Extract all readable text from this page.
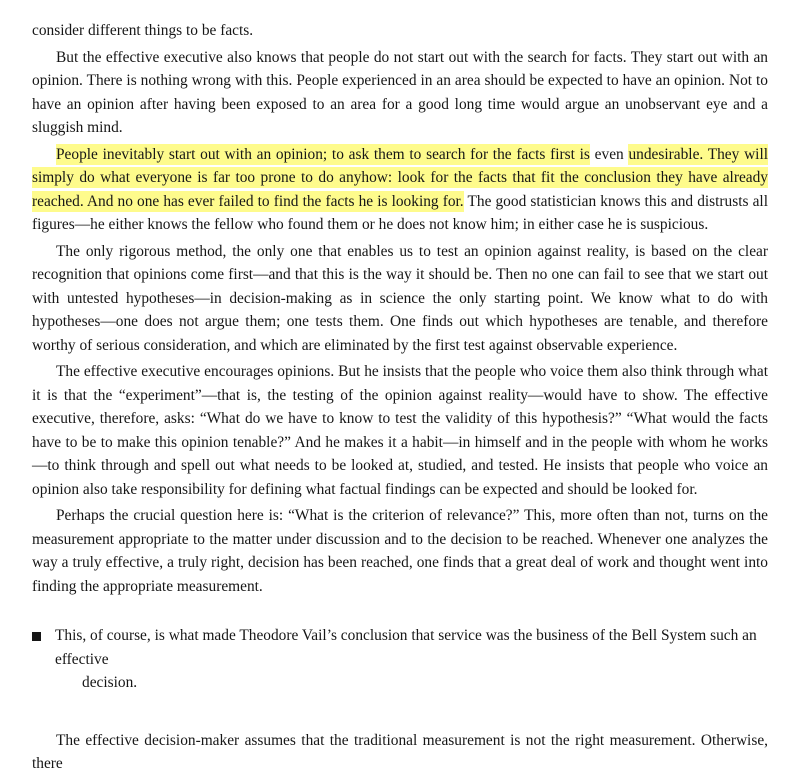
consider different things to be facts.

But the effective executive also knows that people do not start out with the search for facts. They start out with an opinion. There is nothing wrong with this. People experienced in an area should be expected to have an opinion. Not to have an opinion after having been exposed to an area for a good long time would argue an unobservant eye and a sluggish mind.

People inevitably start out with an opinion; to ask them to search for the facts first is even undesirable. They will simply do what everyone is far too prone to do anyhow: look for the facts that fit the conclusion they have already reached. And no one has ever failed to find the facts he is looking for. The good statistician knows this and distrusts all figures—he either knows the fellow who found them or he does not know him; in either case he is suspicious.

The only rigorous method, the only one that enables us to test an opinion against reality, is based on the clear recognition that opinions come first—and that this is the way it should be. Then no one can fail to see that we start out with untested hypotheses—in decision-making as in science the only starting point. We know what to do with hypotheses—one does not argue them; one tests them. One finds out which hypotheses are tenable, and therefore worthy of serious consideration, and which are eliminated by the first test against observable experience.

The effective executive encourages opinions. But he insists that the people who voice them also think through what it is that the “experiment”—that is, the testing of the opinion against reality—would have to show. The effective executive, therefore, asks: “What do we have to know to test the validity of this hypothesis?” “What would the facts have to be to make this opinion tenable?” And he makes it a habit—in himself and in the people with whom he works—to think through and spell out what needs to be looked at, studied, and tested. He insists that people who voice an opinion also take responsibility for defining what factual findings can be expected and should be looked for.

Perhaps the crucial question here is: “What is the criterion of relevance?” This, more often than not, turns on the measurement appropriate to the matter under discussion and to the decision to be reached. Whenever one analyzes the way a truly effective, a truly right, decision has been reached, one finds that a great deal of work and thought went into finding the appropriate measurement.

This, of course, is what made Theodore Vail’s conclusion that service was the business of the Bell System such an effective

decision.

The effective decision-maker assumes that the traditional measurement is not the right measurement. Otherwise, there
